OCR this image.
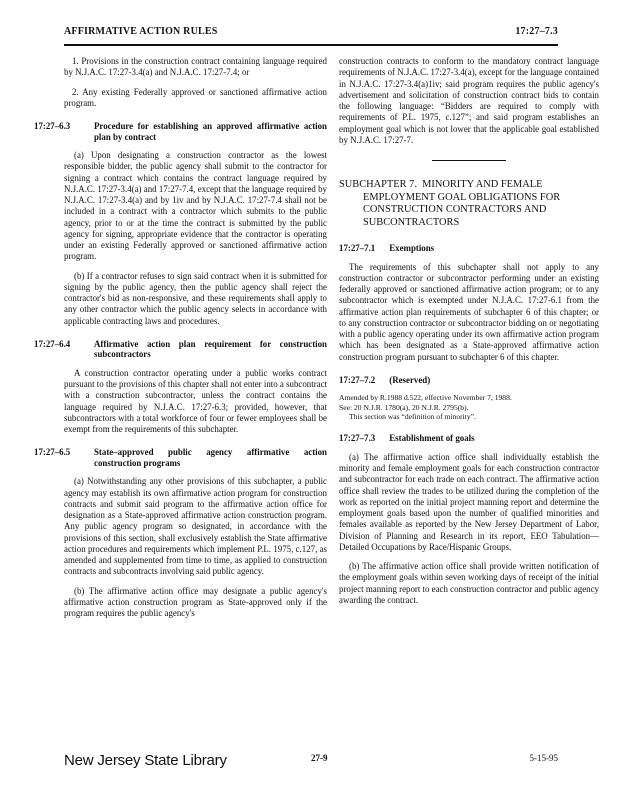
AFFIRMATIVE ACTION RULES	17:27–7.3

1. Provisions in the construction contract containing language required by N.J.A.C. 17:27-3.4(a) and N.J.A.C. 17:27-7.4; or

2. Any existing Federally approved or sanctioned affirmative action program.

17:27–6.3	Procedure for establishing an approved affirmative action plan by contract

(a) Upon designating a construction contractor as the lowest responsible bidder, the public agency shall submit to the contractor for signing a contract which contains the contract language required by N.J.A.C. 17:27-3.4(a) and 17:27-7.4, except that the language required by N.J.A.C. 17:27-3.4(a) and by 1iv and by N.J.A.C. 17:27-7.4 shall not be included in a contract with a contractor which submits to the public agency, prior to or at the time the contract is submitted by the public agency for signing, appropriate evidence that the contractor is operating under an existing Federally approved or sanctioned affirmative action program.

(b) If a contractor refuses to sign said contract when it is submitted for signing by the public agency, then the public agency shall reject the contractor's bid as non-responsive, and these requirements shall apply to any other contractor which the public agency selects in accordance with applicable contracting laws and procedures.

17:27–6.4	Affirmative action plan requirement for construction subcontractors

A construction contractor operating under a public works contract pursuant to the provisions of this chapter shall not enter into a subcontract with a construction subcontractor, unless the contract contains the language required by N.J.A.C. 17:27-6.3; provided, however, that subcontractors with a total workforce of four or fewer employees shall be exempt from the requirements of this subchapter.

17:27–6.5	State–approved public agency affirmative action construction programs

(a) Notwithstanding any other provisions of this subchapter, a public agency may establish its own affirmative action program for construction contracts and submit said program to the affirmative action office for designation as a State-approved affirmative action construction program. Any public agency program so designated, in accordance with the provisions of this section, shall exclusively establish the State affirmative action procedures and requirements which implement P.L. 1975, c.127, as amended and supplemented from time to time, as applied to construction contracts and subcontracts involving said public agency.

(b) The affirmative action office may designate a public agency's affirmative action construction program as State-approved only if the program requires the public agency's

construction contracts to conform to the mandatory contract language requirements of N.J.A.C. 17:27-3.4(a), except for the language contained in N.J.A.C. 17:27-3.4(a)1iv; said program requires the public agency's advertisement and solicitation of construction contract bids to contain the following language: “Bidders are required to comply with requirements of P.L. 1975, c.127”; and said program establishes an employment goal which is not lower that the applicable goal established by N.J.A.C. 17:27-7.

SUBCHAPTER 7. MINORITY AND FEMALE
EMPLOYMENT GOAL OBLIGATIONS FOR CONSTRUCTION CONTRACTORS AND SUBCONTRACTORS
17:27–7.1 Exemptions

The requirements of this subchapter shall not apply to any construction contractor or subcontractor performing under an existing federally approved or sanctioned affirmative action program; or to any subcontractor which is exempted under N.J.A.C. 17:27-6.1 from the affirmative action plan requirements of subchapter 6 of this chapter; or to any construction contractor or subcontractor bidding on or negotiating with a public agency operating under its own affirmative action program which has been designated as a State-approved affirmative action construction program pursuant to subchapter 6 of this chapter.

17:27–7.2 (Reserved)
Amended by R.1988 d.522, effective November 7, 1988.
See: 20 N.J.R. 1780(a), 20 N.J.R. 2795(b).
This section was “definition of minority”.
17:27–7.3 Establishment of goals

(a) The affirmative action office shall individually establish the minority and female employment goals for each construction contractor and subcontractor for each trade on each contract. The affirmative action office shall review the trades to be utilized during the completion of the work as reported on the initial project manning report and determine the employment goals based upon the number of qualified minorities and females available as reported by the New Jersey Department of Labor, Division of Planning and Research in its report, EEO Tabulation—Detailed Occupations by Race/Hispanic Groups.

(b) The affirmative action office shall provide written notification of the employment goals within seven working days of receipt of the initial project manning report to each construction contractor and public agency awarding the contract.

New Jersey State Library	27-9	5-15-95
